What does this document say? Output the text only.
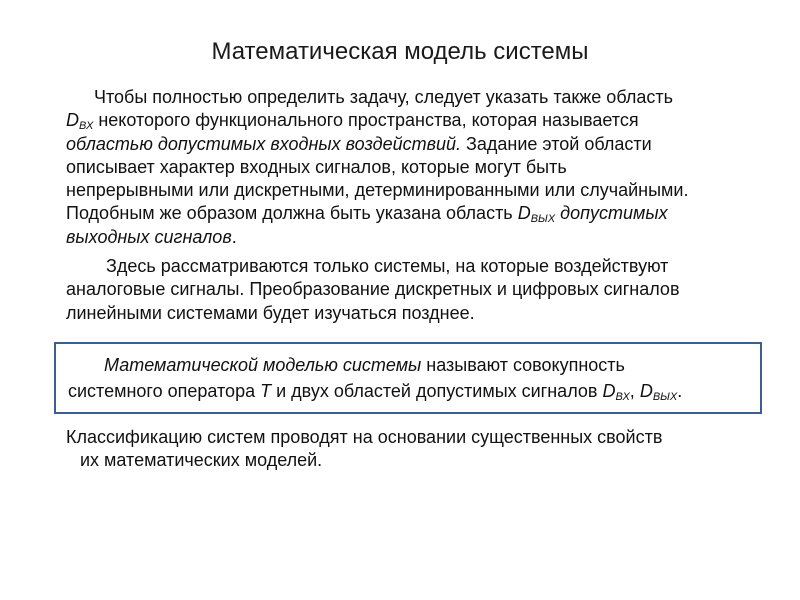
Математическая модель системы
Чтобы полностью определить задачу, следует указать также область
$D_{ВХ}$ некоторого функционального пространства, которая называется
областью допустимых входных воздействий. Задание этой области
описывает характер входных сигналов, которые могут быть
непрерывными или дискретными, детерминированными или случайными.
Подобным же образом должна быть указана область $D_{ВЫХ}$ допустимых
выходных сигналов.
Здесь рассматриваются только системы, на которые воздействуют
аналоговые сигналы. Преобразование дискретных и цифровых сигналов
линейными системами будет изучаться позднее.
Математической моделью системы называют совокупность
системного оператора T и двух областей допустимых сигналов $D_{ВХ}$, $D_{ВЫХ}$.
Классификацию систем проводят на основании существенных свойств
их математических моделей.
